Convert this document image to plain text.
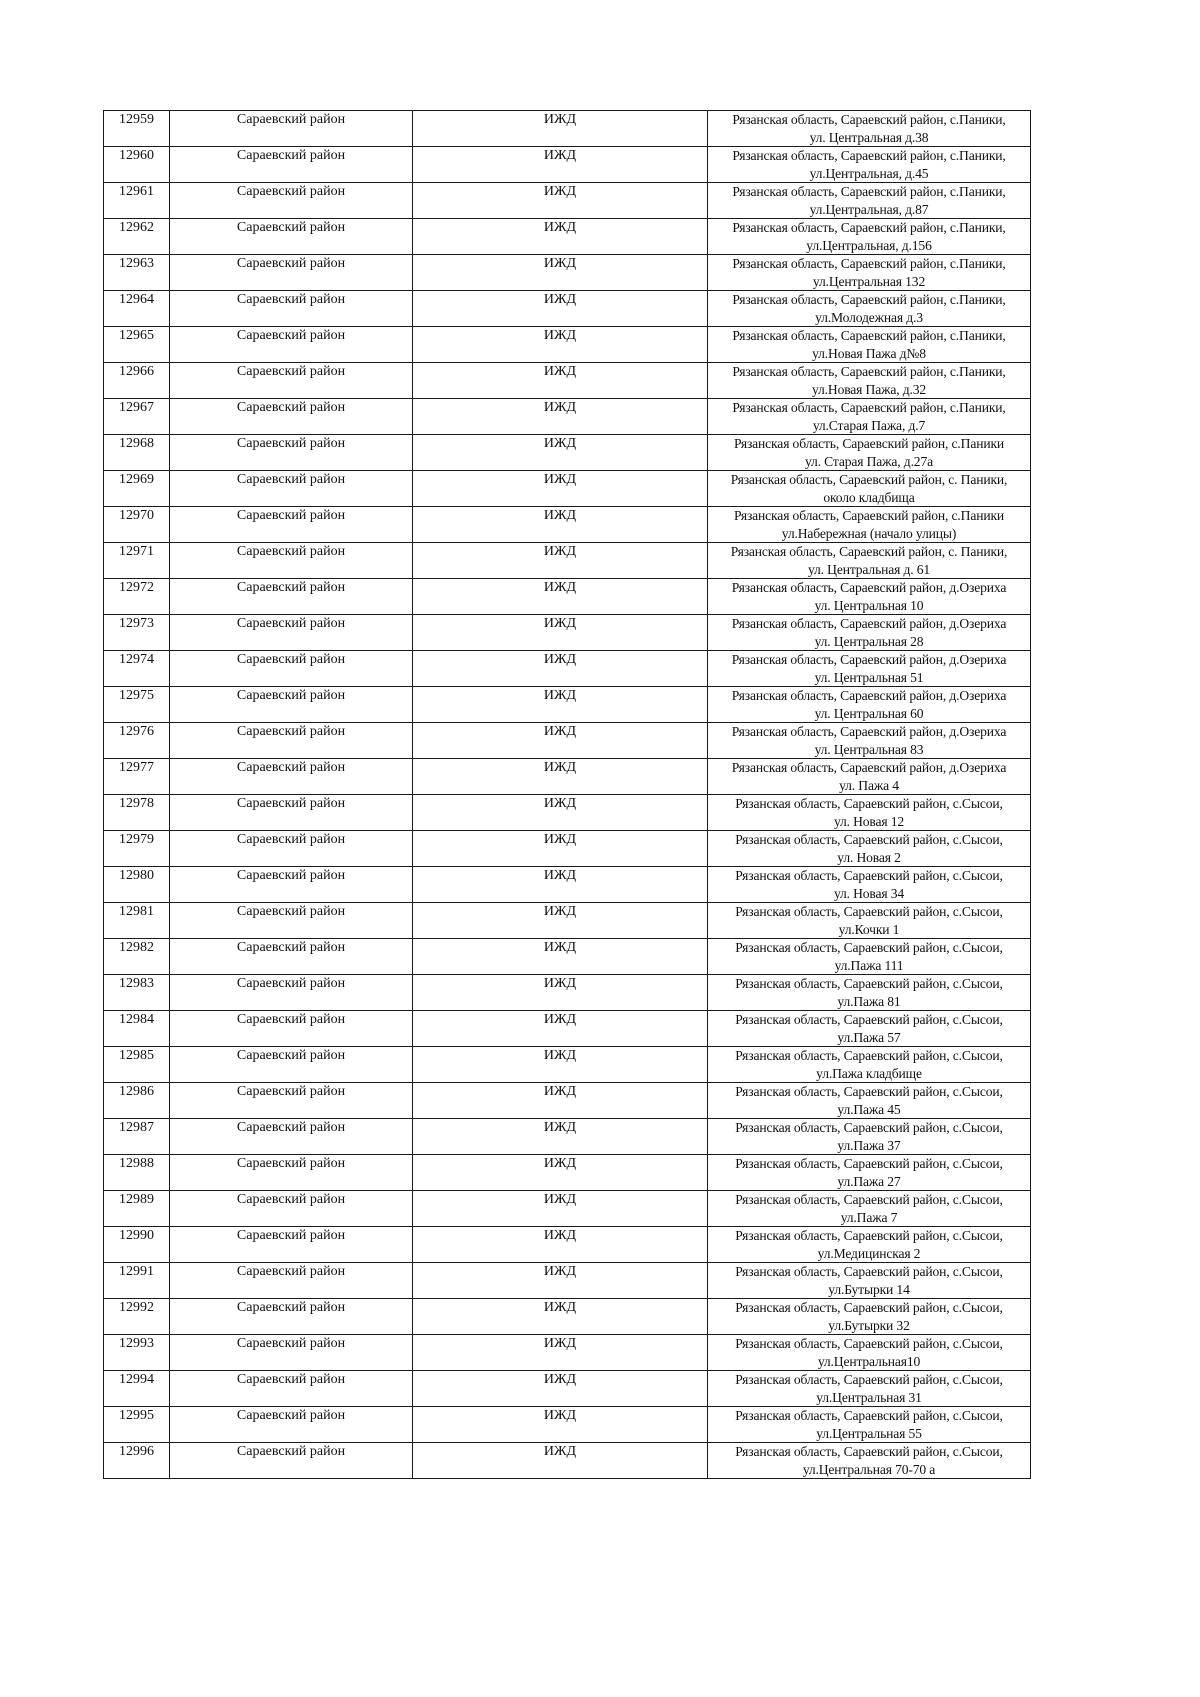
12959	Сараевский район	ИЖД	Рязанская область, Сараевский район, с.Паники,
ул. Центральная д.38

12960	Сараевский район	ИЖД	Рязанская область, Сараевский район, с.Паники,
ул.Центральная, д.45

12961	Сараевский район	ИЖД	Рязанская область, Сараевский район, с.Паники,
ул.Центральная, д.87

12962	Сараевский район	ИЖД	Рязанская область, Сараевский район, с.Паники,
ул.Центральная, д.156

12963	Сараевский район	ИЖД	Рязанская область, Сараевский район, с.Паники,
ул.Центральная 132

12964	Сараевский район	ИЖД	Рязанская область, Сараевский район, с.Паники,
ул.Молодежная д.3

12965	Сараевский район	ИЖД	Рязанская область, Сараевский район, с.Паники,
ул.Новая Пажа д№8

12966	Сараевский район	ИЖД	Рязанская область, Сараевский район, с.Паники,
ул.Новая Пажа, д.32

12967	Сараевский район	ИЖД	Рязанская область, Сараевский район, с.Паники,
ул.Старая Пажа, д.7

12968	Сараевский район	ИЖД	Рязанская область, Сараевский район, с.Паники
ул. Старая Пажа, д.27а

12969	Сараевский район	ИЖД	Рязанская область, Сараевский район, с. Паники,
около кладбища

12970	Сараевский район	ИЖД	Рязанская область, Сараевский район, с.Паники
ул.Набережная (начало улицы)

12971	Сараевский район	ИЖД	Рязанская область, Сараевский район, с. Паники,
ул. Центральная д. 61

12972	Сараевский район	ИЖД	Рязанская область, Сараевский район, д.Озериха
ул. Центральная 10

12973	Сараевский район	ИЖД	Рязанская область, Сараевский район, д.Озериха
ул. Центральная 28

12974	Сараевский район	ИЖД	Рязанская область, Сараевский район, д.Озериха
ул. Центральная 51

12975	Сараевский район	ИЖД	Рязанская область, Сараевский район, д.Озериха
ул. Центральная 60

12976	Сараевский район	ИЖД	Рязанская область, Сараевский район, д.Озериха
ул. Центральная 83

12977	Сараевский район	ИЖД	Рязанская область, Сараевский район, д.Озериха
ул. Пажа 4

12978	Сараевский район	ИЖД	Рязанская область, Сараевский район, с.Сысои,
ул. Новая 12

12979	Сараевский район	ИЖД	Рязанская область, Сараевский район, с.Сысои,
ул. Новая 2

12980	Сараевский район	ИЖД	Рязанская область, Сараевский район, с.Сысои,
ул. Новая 34

12981	Сараевский район	ИЖД	Рязанская область, Сараевский район, с.Сысои,
ул.Кочки 1

12982	Сараевский район	ИЖД	Рязанская область, Сараевский район, с.Сысои,
ул.Пажа 111

12983	Сараевский район	ИЖД	Рязанская область, Сараевский район, с.Сысои,
ул.Пажа 81

12984	Сараевский район	ИЖД	Рязанская область, Сараевский район, с.Сысои,
ул.Пажа 57

12985	Сараевский район	ИЖД	Рязанская область, Сараевский район, с.Сысои,
ул.Пажа кладбище

12986	Сараевский район	ИЖД	Рязанская область, Сараевский район, с.Сысои,
ул.Пажа 45

12987	Сараевский район	ИЖД	Рязанская область, Сараевский район, с.Сысои,
ул.Пажа 37

12988	Сараевский район	ИЖД	Рязанская область, Сараевский район, с.Сысои,
ул.Пажа 27

12989	Сараевский район	ИЖД	Рязанская область, Сараевский район, с.Сысои,
ул.Пажа 7

12990	Сараевский район	ИЖД	Рязанская область, Сараевский район, с.Сысои,
ул.Медицинская 2

12991	Сараевский район	ИЖД	Рязанская область, Сараевский район, с.Сысои,
ул.Бутырки 14

12992	Сараевский район	ИЖД	Рязанская область, Сараевский район, с.Сысои,
ул.Бутырки 32

12993	Сараевский район	ИЖД	Рязанская область, Сараевский район, с.Сысои,
ул.Центральная10

12994	Сараевский район	ИЖД	Рязанская область, Сараевский район, с.Сысои,
ул.Центральная 31

12995	Сараевский район	ИЖД	Рязанская область, Сараевский район, с.Сысои,
ул.Центральная 55

12996	Сараевский район	ИЖД	Рязанская область, Сараевский район, с.Сысои,
ул.Центральная 70-70 а
